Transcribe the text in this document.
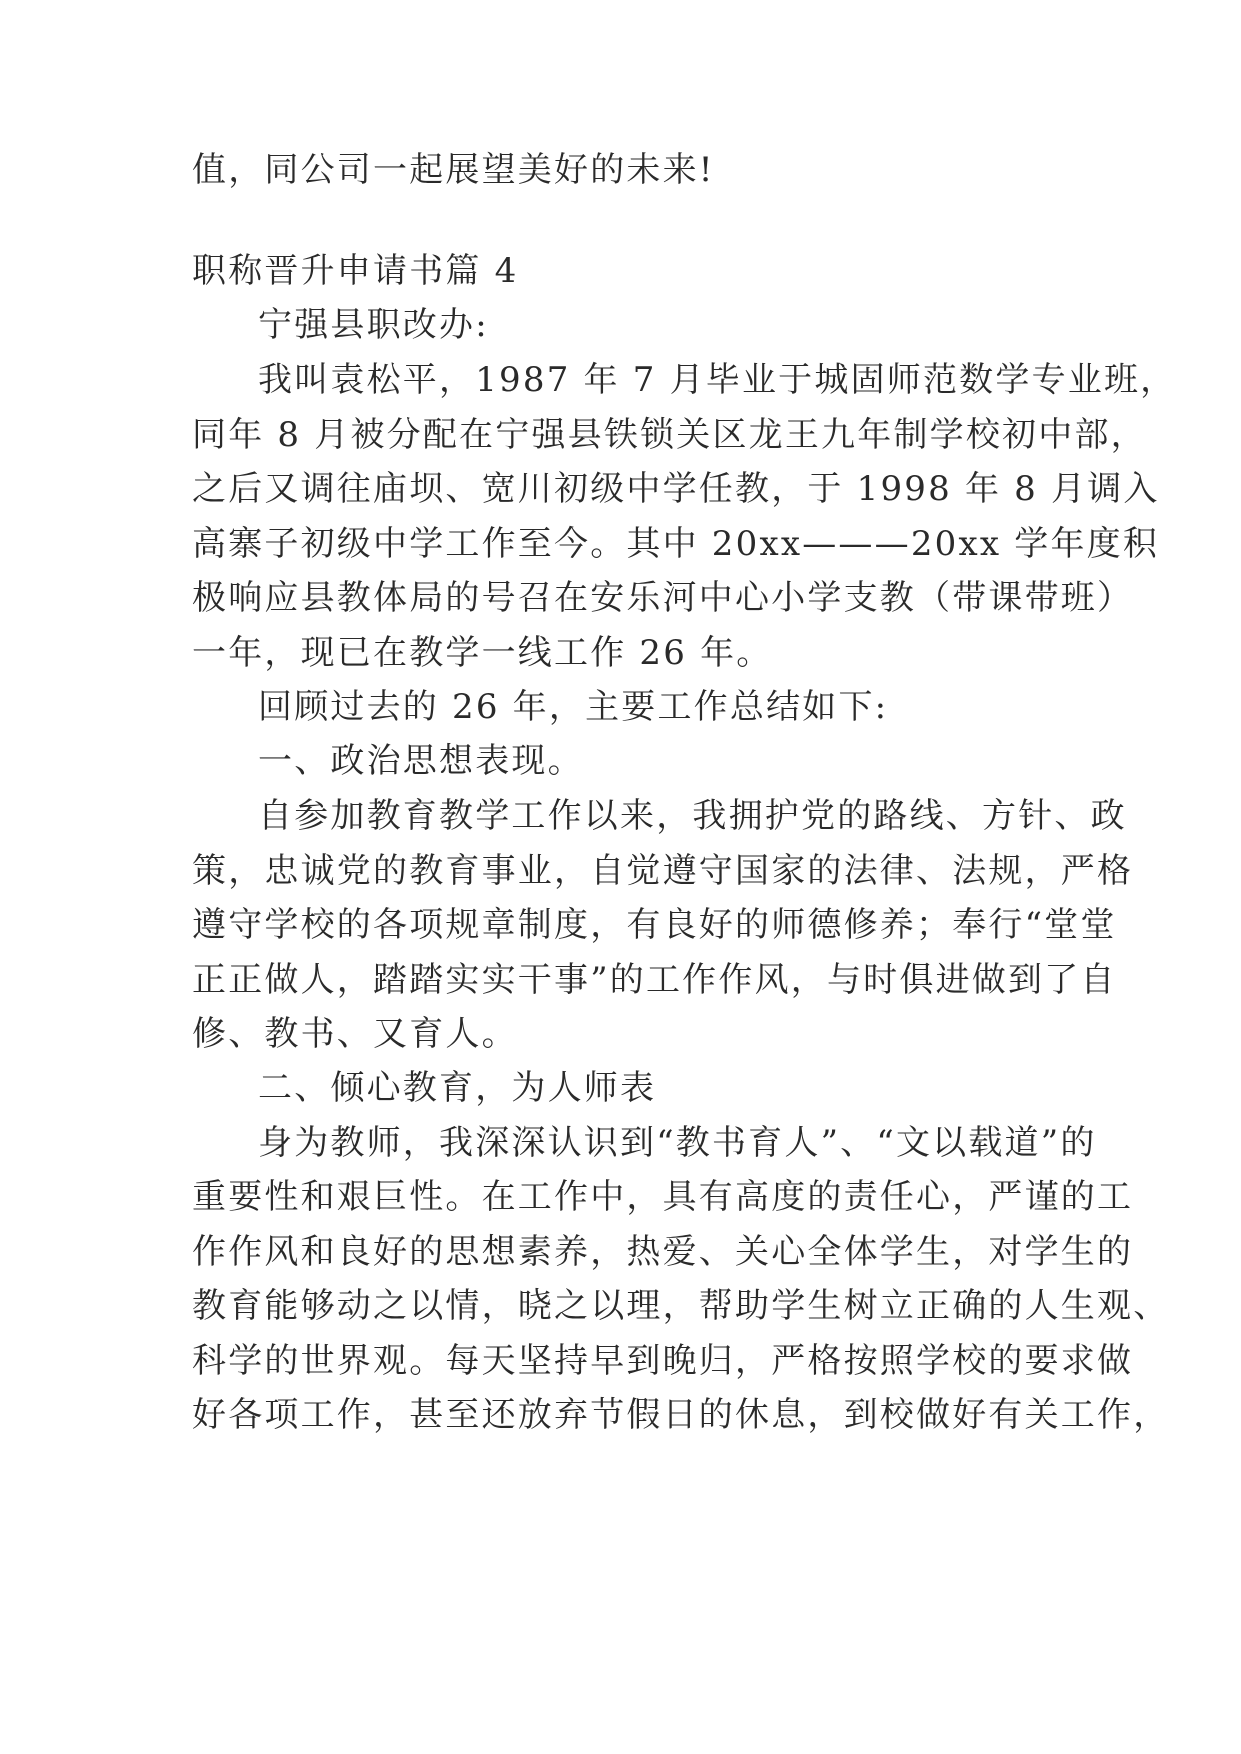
值，同公司一起展望美好的未来!

职称晋升申请书篇 4

宁强县职改办:

我叫袁松平，1987 年 7 月毕业于城固师范数学专业班，

同年 8 月被分配在宁强县铁锁关区龙王九年制学校初中部，

之后又调往庙坝、宽川初级中学任教，于 1998 年 8 月调入

高寨子初级中学工作至今。其中 20xx———20xx 学年度积

极响应县教体局的号召在安乐河中心小学支教（带课带班）

一年，现已在教学一线工作 26 年。

回顾过去的 26 年，主要工作总结如下:

一、政治思想表现。

自参加教育教学工作以来，我拥护党的路线、方针、政

策，忠诚党的教育事业，自觉遵守国家的法律、法规，严格

遵守学校的各项规章制度，有良好的师德修养；奉行“堂堂

正正做人，踏踏实实干事”的工作作风，与时俱进做到了自

修、教书、又育人。

二、倾心教育，为人师表

身为教师，我深深认识到“教书育人”、“文以载道”的

重要性和艰巨性。在工作中，具有高度的责任心，严谨的工

作作风和良好的思想素养，热爱、关心全体学生，对学生的

教育能够动之以情，晓之以理，帮助学生树立正确的人生观、

科学的世界观。每天坚持早到晚归，严格按照学校的要求做

好各项工作，甚至还放弃节假日的休息，到校做好有关工作，
